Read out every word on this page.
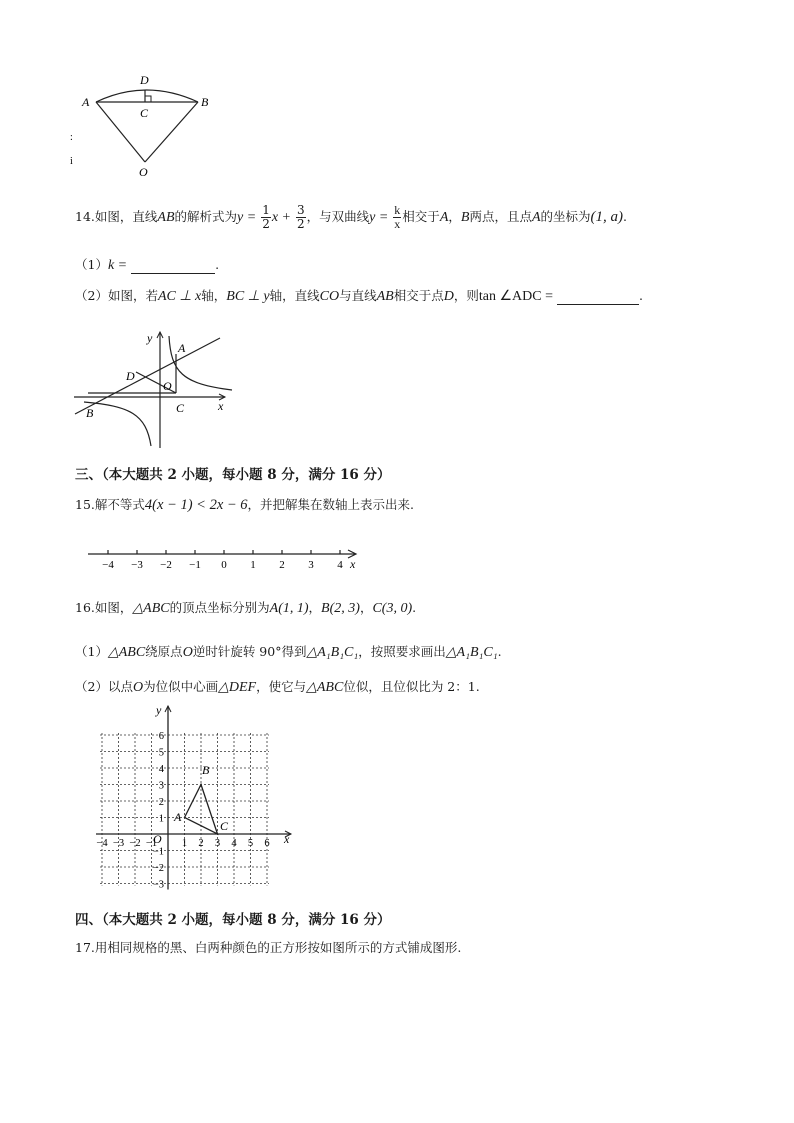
D
A	B
C
O
:
i
14.如图，直线AB的解析式为$y = \frac{1}{2}$ $x + \frac{3}{2}$ ，与双曲线$y = \frac{k}{x}$ 相交于A，B两点，且点A的坐标为(1, a).
（1）k =	.
（2）如图，若AC ⊥ x轴，BC ⊥ y轴，直线CO与直线AB相交于点D，则tan ∠ADC =	.
y
A
D
O
B	C	x
三、（本大题共 2 小题，每小题 8 分，满分 16 分）
15.解不等式4(x − 1) < 2x − 6，并把解集在数轴上表示出来.
−4 −3 −2 −1 0 1 2 3 4 x
16.如图，△ABC的顶点坐标分别为A(1, 1)，B(2, 3)，C(3, 0).
（1）△ABC绕原点O逆时针旋转 90°得到△A₁B₁C₁，按照要求画出△A₁B₁C₁.
（2）以点O为位似中心画△DEF，使它与△ABC位似，且位似比为 2：1.
−4 −3 −2 −1 1 2 3 4 5 6
6
5
4
3
2
1
−1
−2
−3
y
x
O
A
B
C
四、（本大题共 2 小题，每小题 8 分，满分 16 分）
17.用相同规格的黑、白两种颜色的正方形按如图所示的方式铺成图形.
